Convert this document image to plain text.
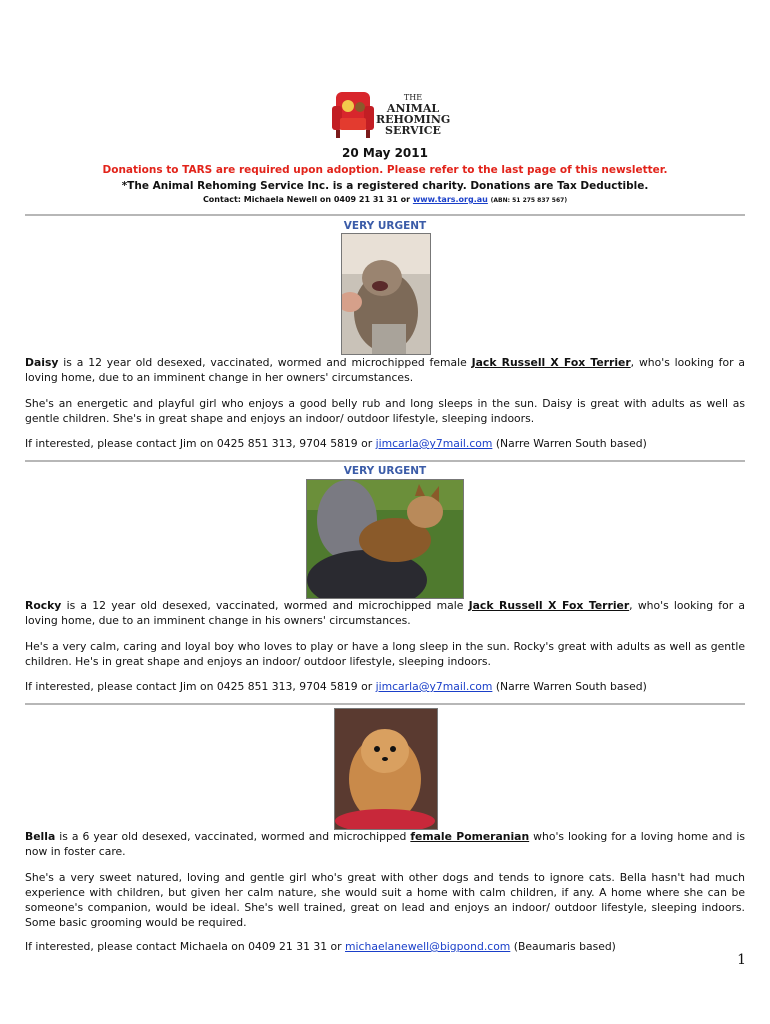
THE
ANIMAL
REHOMING
SERVICE
20 May 2011
Donations to TARS are required upon adoption. Please refer to the last page of this newsletter.
*The Animal Rehoming Service Inc. is a registered charity. Donations are Tax Deductible.
Contact: Michaela Newell on 0409 21 31 31 or www.tars.org.au (ABN: 51 275 837 567)
VERY URGENT
Daisy is a 12 year old desexed, vaccinated, wormed and microchipped female Jack Russell X Fox Terrier, who's looking for a loving home, due to an imminent change in her owners' circumstances.
She's an energetic and playful girl who enjoys a good belly rub and long sleeps in the sun. Daisy is great with adults as well as gentle children. She's in great shape and enjoys an indoor/ outdoor lifestyle, sleeping indoors.
If interested, please contact Jim on 0425 851 313, 9704 5819 or jimcarla@y7mail.com (Narre Warren South based)
VERY URGENT
Rocky is a 12 year old desexed, vaccinated, wormed and microchipped male Jack Russell X Fox Terrier, who's looking for a loving home, due to an imminent change in his owners' circumstances.
He's a very calm, caring and loyal boy who loves to play or have a long sleep in the sun. Rocky's great with adults as well as gentle children. He's in great shape and enjoys an indoor/ outdoor lifestyle, sleeping indoors.
If interested, please contact Jim on 0425 851 313, 9704 5819 or jimcarla@y7mail.com (Narre Warren South based)
Bella is a 6 year old desexed, vaccinated, wormed and microchipped female Pomeranian who's looking for a loving home and is now in foster care.
She's a very sweet natured, loving and gentle girl who's great with other dogs and tends to ignore cats. Bella hasn't had much experience with children, but given her calm nature, she would suit a home with calm children, if any. A home where she can be someone's companion, would be ideal. She's well trained, great on lead and enjoys an indoor/ outdoor lifestyle, sleeping indoors. Some basic grooming would be required.
If interested, please contact Michaela on 0409 21 31 31 or michaelanewell@bigpond.com (Beaumaris based)
1
